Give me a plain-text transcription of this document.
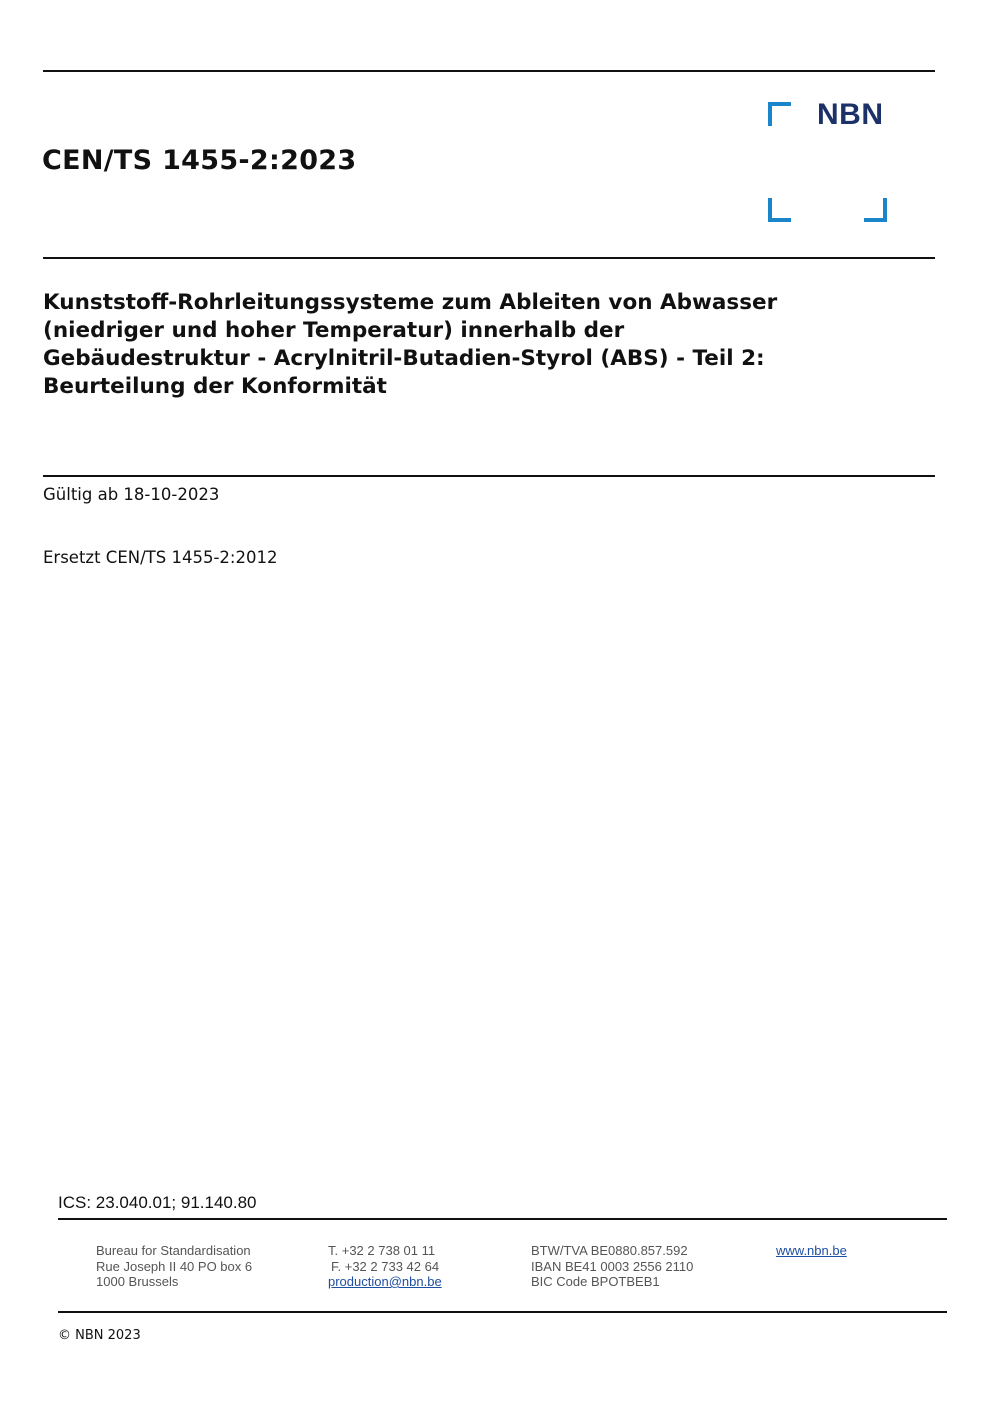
CEN/TS 1455-2:2023
NBN
Kunststoff-Rohrleitungssysteme zum Ableiten von Abwasser
(niedriger und hoher Temperatur) innerhalb der
Gebäudestruktur - Acrylnitril-Butadien-Styrol (ABS) - Teil 2:
Beurteilung der Konformität
Gültig ab 18-10-2023
Ersetzt CEN/TS 1455-2:2012
ICS: 23.040.01; 91.140.80
Bureau for Standardisation
Rue Joseph II 40 PO box 6
1000 Brussels
T. +32 2 738 01 11
F. +32 2 733 42 64
production@nbn.be
BTW/TVA BE0880.857.592
IBAN BE41 0003 2556 2110
BIC Code BPOTBEB1
www.nbn.be
© NBN 2023
